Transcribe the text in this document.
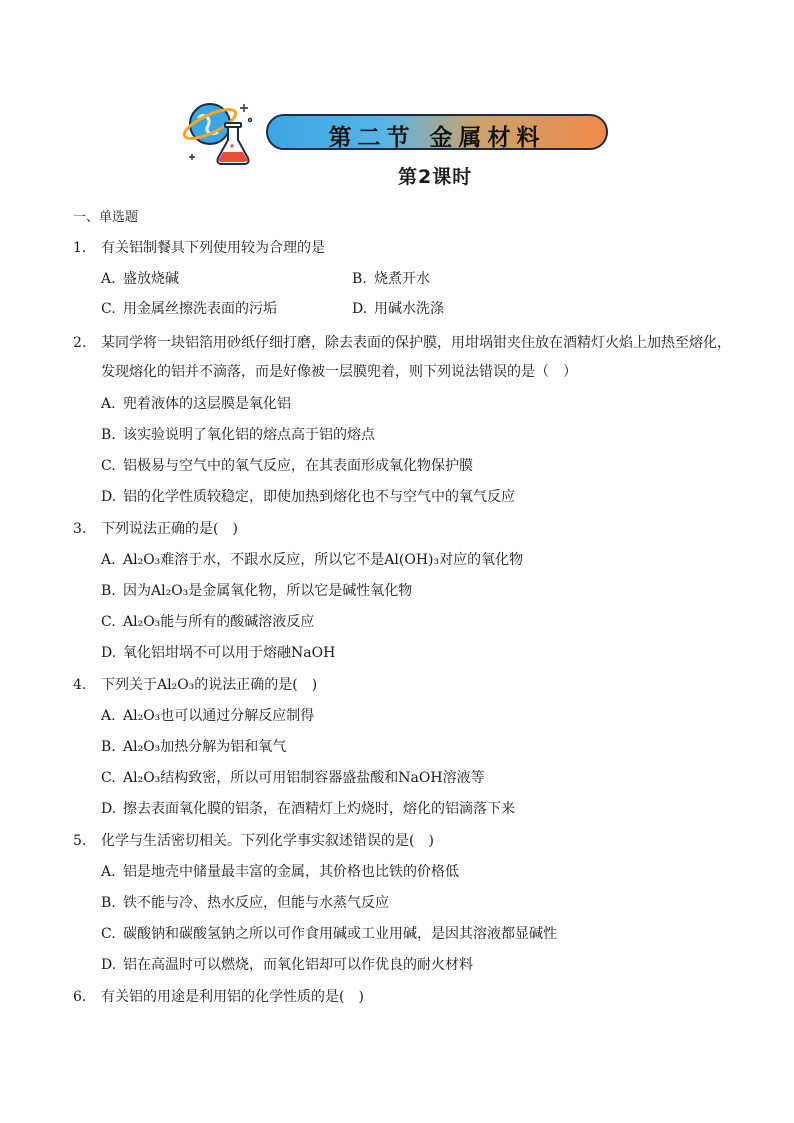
第二节 金属材料
第2课时
一、单选题
1.	有关铝制餐具下列使用较为合理的是
A. 盛放烧碱	B. 烧煮开水
C. 用金属丝擦洗表面的污垢	D. 用碱水洗涤
2.	某同学将一块铝箔用砂纸仔细打磨，除去表面的保护膜，用坩埚钳夹住放在酒精灯火焰上加热至熔化，
发现熔化的铝并不滴落，而是好像被一层膜兜着，则下列说法错误的是（　）
A. 兜着液体的这层膜是氧化铝
B. 该实验说明了氧化铝的熔点高于铝的熔点
C. 铝极易与空气中的氧气反应，在其表面形成氧化物保护膜
D. 铝的化学性质较稳定，即使加热到熔化也不与空气中的氧气反应
3.	下列说法正确的是(　)
A. Al₂O₃难溶于水，不跟水反应，所以它不是Al(OH)₃对应的氧化物
B. 因为Al₂O₃是金属氧化物，所以它是碱性氧化物
C. Al₂O₃能与所有的酸碱溶液反应
D. 氧化铝坩埚不可以用于熔融NaOH
4.	下列关于Al₂O₃的说法正确的是(　)
A. Al₂O₃也可以通过分解反应制得
B. Al₂O₃加热分解为铝和氧气
C. Al₂O₃结构致密，所以可用铝制容器盛盐酸和NaOH溶液等
D. 擦去表面氧化膜的铝条，在酒精灯上灼烧时，熔化的铝滴落下来
5.	化学与生活密切相关。下列化学事实叙述错误的是(　)
A. 铝是地壳中储量最丰富的金属，其价格也比铁的价格低
B. 铁不能与冷、热水反应，但能与水蒸气反应
C. 碳酸钠和碳酸氢钠之所以可作食用碱或工业用碱，是因其溶液都显碱性
D. 铝在高温时可以燃烧，而氧化铝却可以作优良的耐火材料
6.	有关铝的用途是利用铝的化学性质的是(　)
